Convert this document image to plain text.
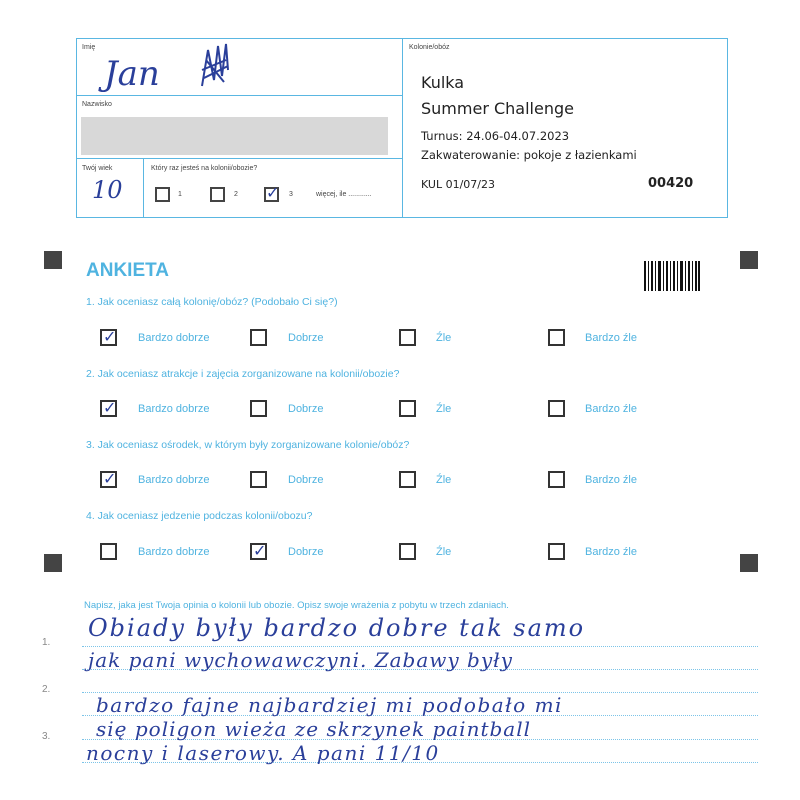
Imię
Jan
Nazwisko
Twój wiek
10
Który raz jesteś na kolonii/obozie?
1	2 ✓ 3	więcej, ile ............
Kolonie/obóz
Kulka
Summer Challenge
Turnus: 24.06-04.07.2023
Zakwaterowanie: pokoje z łazienkami
KUL 01/07/23	00420
ANKIETA
1. Jak oceniasz całą kolonię/obóz? (Podobało Ci się?)
✓ Bardzo dobrze	Dobrze	Źle	Bardzo źle
2. Jak oceniasz atrakcje i zajęcia zorganizowane na kolonii/obozie?
✓ Bardzo dobrze	Dobrze	Źle	Bardzo źle
3. Jak oceniasz ośrodek, w którym były zorganizowane kolonie/obóz?
✓ Bardzo dobrze	Dobrze	Źle	Bardzo źle
4. Jak oceniasz jedzenie podczas kolonii/obozu?
Bardzo dobrze	✓ Dobrze	Źle	Bardzo źle
Napisz, jaka jest Twoja opinia o kolonii lub obozie. Opisz swoje wrażenia z pobytu w trzech zdaniach.
1.
2.
3.
Obiady były bardzo dobre tak samo
jak pani wychowawczyni. Zabawy były
bardzo fajne najbardziej mi podobało mi
się poligon wieża ze skrzynek paintball
nocny i laserowy. A pani 11/10
